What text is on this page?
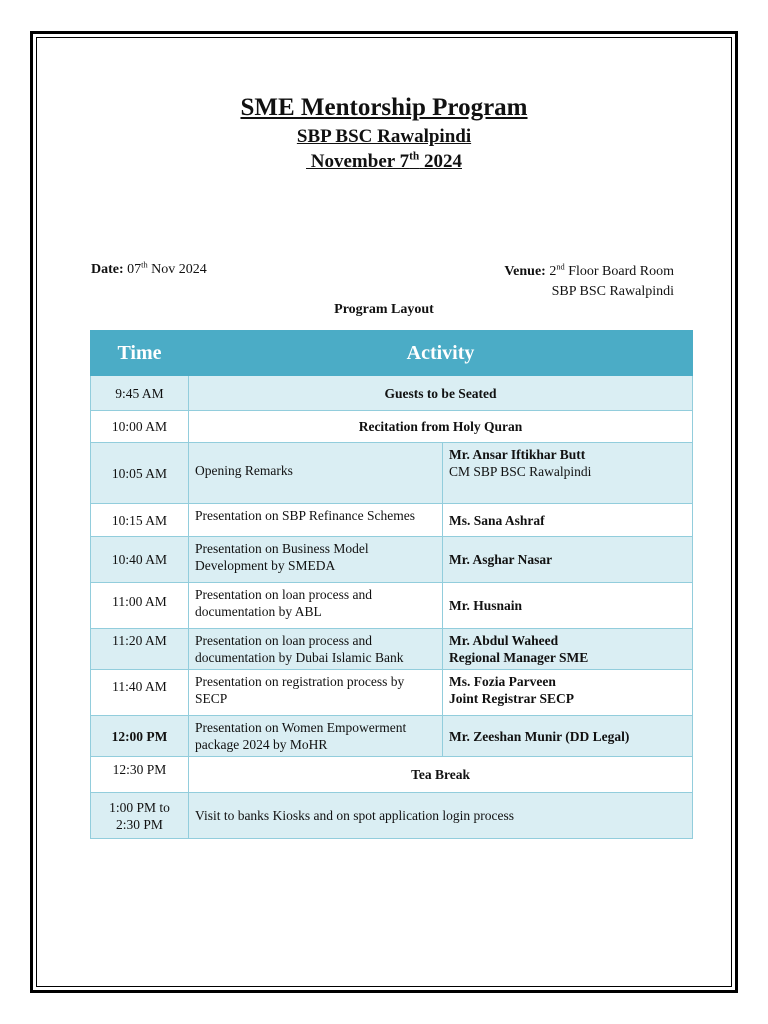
SME Mentorship Program
SBP BSC Rawalpindi
November 7th 2024
Date: 07th Nov 2024	Venue: 2nd Floor Board Room
SBP BSC Rawalpindi
Program Layout
Time	Activity	
9:45 AM	Guests to be Seated	
10:00 AM	Recitation from Holy Quran	
10:05 AM	Opening Remarks	Mr. Ansar Iftikhar Butt
CM SBP BSC Rawalpindi

10:15 AM	Presentation on SBP Refinance Schemes	Ms. Sana Ashraf
10:40 AM	Presentation on Business Model Development by SMEDA	Mr. Asghar Nasar
11:00 AM	Presentation on loan process and documentation by ABL	Mr. Husnain
11:20 AM	Presentation on loan process and documentation by Dubai Islamic Bank	Mr. Abdul Waheed
Regional Manager SME

11:40 AM	Presentation on registration process by SECP	Ms. Fozia Parveen
Joint Registrar SECP

12:00 PM	Presentation on Women Empowerment package 2024 by MoHR	Mr. Zeeshan Munir (DD Legal)
12:30 PM	Tea Break	
1:00 PM to 2:30 PM	Visit to banks Kiosks and on spot application login process	
